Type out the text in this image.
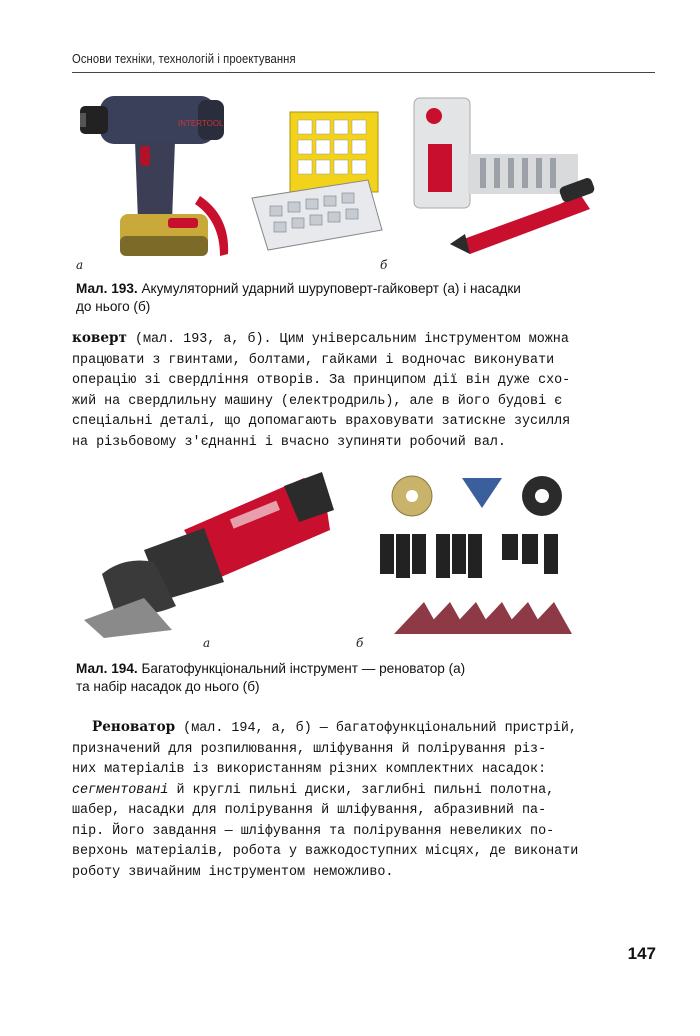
Основи техніки, технологій і проектування
INTERTOOL
а	б
Мал. 193. Акумуляторний ударний шуруповерт-гайковерт (а) і насадки
до нього (б)
коверт (мал. 193, а, б). Цим універсальним інструментом можна
працювати з гвинтами, болтами, гайками і водночас виконувати
операцію зі свердління отворів. За принципом дії він дуже схо-
жий на свердлильну машину (електродриль), але в його будові є
спеціальні деталі, що допомагають враховувати затискне зусилля
на різьбовому з'єднанні і вчасно зупиняти робочий вал.
а	б
Мал. 194. Багатофункціональний інструмент — реноватор (а)
та набір насадок до нього (б)
Реноватор (мал. 194, а, б) — багатофункціональний пристрій,
призначений для розпилювання, шліфування й полірування різ-
них матеріалів із використанням різних комплектних насадок:
сегментовані й круглі пильні диски, заглибні пильні полотна,
шабер, насадки для полірування й шліфування, абразивний па-
пір. Його завдання — шліфування та полірування невеликих по-
верхонь матеріалів, робота у важкодоступних місцях, де виконати
роботу звичайним інструментом неможливо.
147
